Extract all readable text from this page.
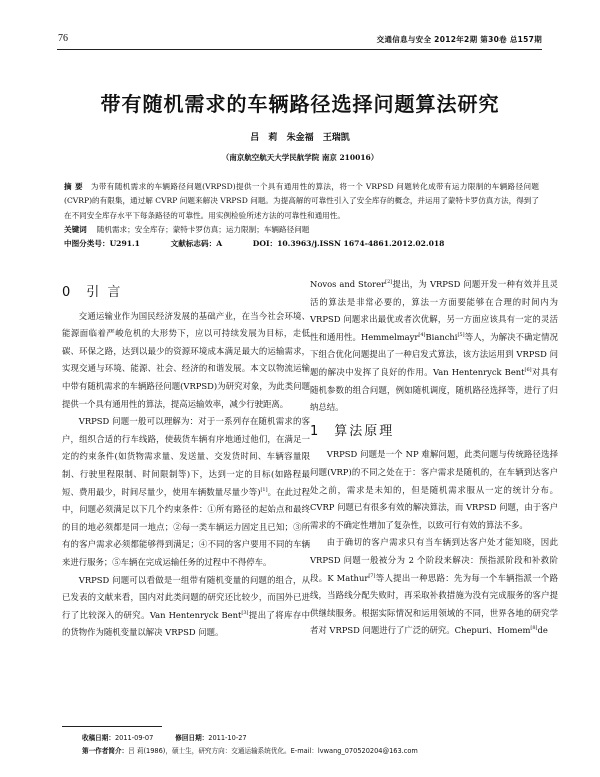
76	交通信息与安全 2012年2期 第30卷 总157期
带有随机需求的车辆路径选择问题算法研究
吕 莉 朱金福 王瑞凯
（南京航空航天大学民航学院 南京 210016）
摘 要 为带有随机需求的车辆路径问题(VRPSD)提供一个具有通用性的算法，将一个 VRPSD 问题转化成带有运力限制的车辆路径问题(CVRP)的有限集，通过解 CVRP 问题来解决 VRPSD 问题。为提高解的可靠性引入了安全库存的概念，并运用了蒙特卡罗仿真方法，得到了在不同安全库存水平下每条路径的可靠性。用实例检验所述方法的可靠性和通用性。
关键词 随机需求；安全库存；蒙特卡罗仿真；运力限制；车辆路径问题
中图分类号：U291.1	文献标志码：A	DOI：10.3963/j.ISSN 1674-4861.2012.02.018
0 引 言

交通运输业作为国民经济发展的基础产业，在当今社会环境、能源面临着严峻危机的大形势下，应以可持续发展为目标，走低碳、环保之路，达到以最少的资源环境成本满足最大的运输需求，实现交通与环境、能源、社会、经济的和谐发展。本文以物流运输中带有随机需求的车辆路径问题(VRPSD)为研究对象，为此类问题提供一个具有通用性的算法，提高运输效率，减少行驶距离。

VRPSD 问题一般可以理解为：对于一系列存在随机需求的客户，组织合适的行车线路，使载货车辆有序地通过他们，在满足一定的约束条件(如货物需求量、发送量、交发货时间、车辆容量限制、行驶里程限制、时间限制等)下，达到一定的目标(如路程最短、费用最少，时间尽量少，使用车辆数量尽量少等)[1]。在此过程中，问题必须满足以下几个约束条件：①所有路径的起始点和最终的目的地必须都是同一地点；②每一类车辆运力固定且已知；③所有的客户需求必须都能够得到满足；④不同的客户要用不同的车辆来进行服务；⑤车辆在完成运输任务的过程中不得停车。

VRPSD 问题可以看做是一组带有随机变量的问题的组合，从已发表的文献来看，国内对此类问题的研究还比较少，而国外已进行了比较深入的研究。Van Hentenryck Bent[3]提出了将库存中的货物作为随机变量以解决 VRPSD 问题。

Novos and Storer[2]提出，为 VRPSD 问题开发一种有效并且灵活的算法是非常必要的，算法一方面要能够在合理的时间内为 VRPSD 问题求出最优或者次优解，另一方面应该具有一定的灵活性和通用性。Hemmelmayr[4]Bianchi[5]等人，为解决不确定情况下组合优化问题提出了一种启发式算法，该方法运用到 VRPSD 问题的解决中发挥了良好的作用。Van Hentenryck Bent[6]对具有随机参数的组合问题，例如随机调度，随机路径选择等，进行了归纳总结。

1 算法原理

VRPSD 问题是一个 NP 难解问题，此类问题与传统路径选择问题(VRP)的不同之处在于：客户需求是随机的，在车辆到达客户处之前，需求是未知的，但是随机需求服从一定的统计分布。CVRP 问题已有很多有效的解决算法，而 VRPSD 问题，由于客户需求的不确定性增加了复杂性，以致可行有效的算法不多。

由于确切的客户需求只有当车辆到达客户处才能知晓，因此 VRPSD 问题一般被分为 2 个阶段来解决：预指派阶段和补救阶段。K Mathur[7]等人提出一种思路：先为每一个车辆指派一个路线，当路线分配失败时，再采取补救措施为没有完成服务的客户提供继续服务。根据实际情况和运用领域的不同，世界各地的研究学者对 VRPSD 问题进行了广泛的研究。Chepuri、Homem[8]de

收稿日期：2011-09-07	修回日期：2011-10-27
第一作者简介：吕 莉(1986)，硕士生，研究方向：交通运输系统优化。E-mail：lvwang_070520204@163.com
